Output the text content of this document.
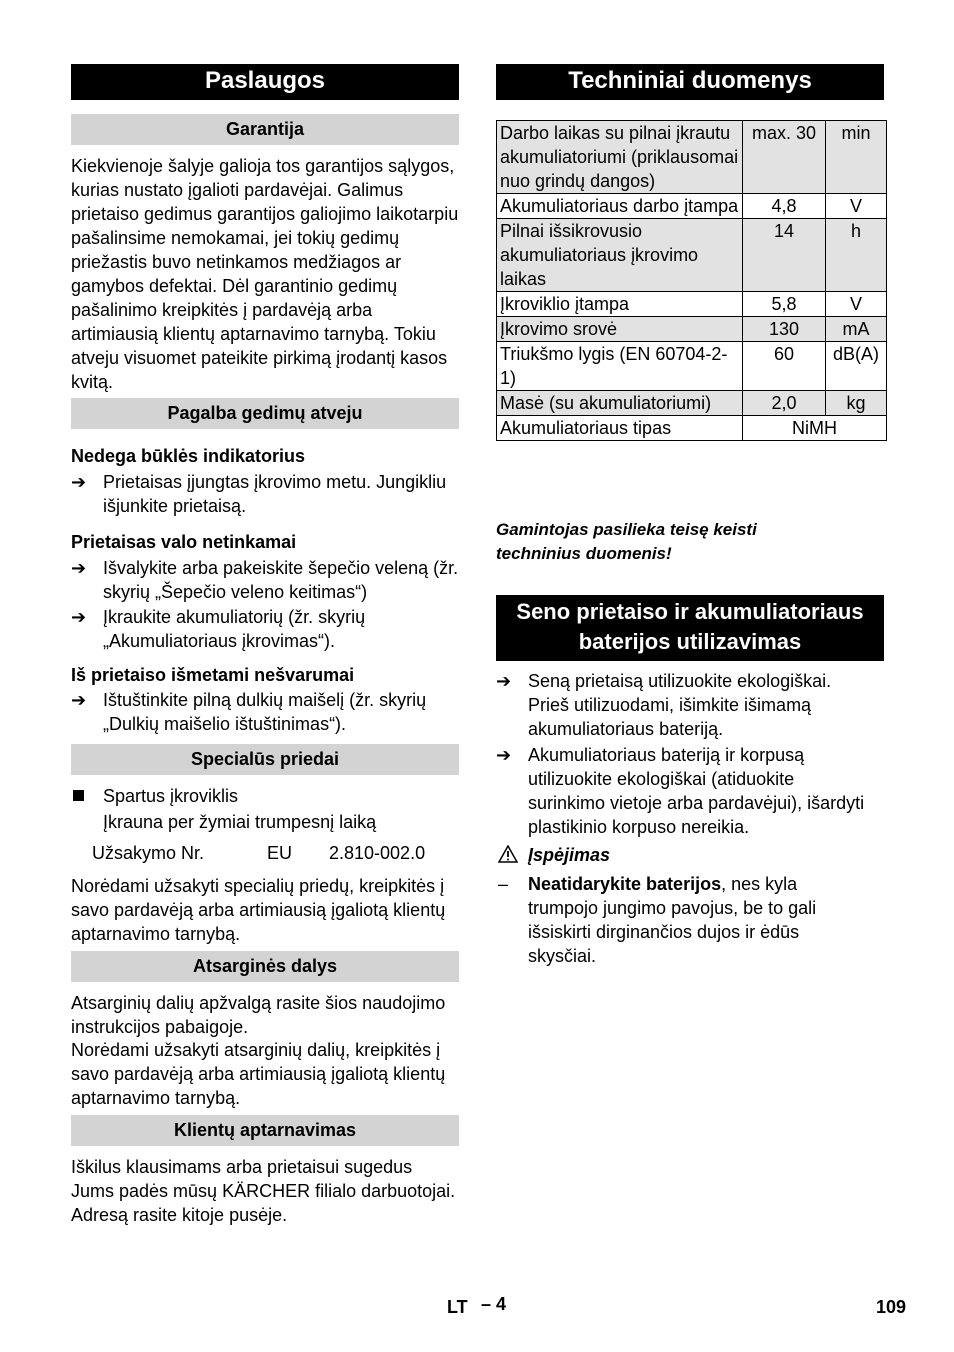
Paslaugos
Garantija
Kiekvienoje šalyje galioja tos garantijos sąlygos, kurias nustato įgalioti pardavėjai. Galimus prietaiso gedimus garantijos galiojimo laikotarpiu pašalinsime nemokamai, jei tokių gedimų priežastis buvo netinkamos medžiagos ar gamybos defektai. Dėl garantinio gedimų pašalinimo kreipkitės į pardavėją arba artimiausią klientų aptarnavimo tarnybą. Tokiu atveju visuomet pateikite pirkimą įrodantį kasos kvitą.
Pagalba gedimų atveju
Nedega būklės indikatorius
➔ Prietaisas įjungtas įkrovimo metu. Jungikliu išjunkite prietaisą.
Prietaisas valo netinkamai
➔ Išvalykite arba pakeiskite šepečio veleną (žr. skyrių „Šepečio veleno keitimas“)
➔ Įkraukite akumuliatorių (žr. skyrių „Akumuliatoriaus įkrovimas“).
Iš prietaiso išmetami nešvarumai
➔ Ištuštinkite pilną dulkių maišelį (žr. skyrių „Dulkių maišelio ištuštinimas“).
Specialūs priedai
Spartus įkroviklis
Įkrauna per žymiai trumpesnį laiką
Užsakymo Nr.	EU 2.810-002.0
Norėdami užsakyti specialių priedų, kreipkitės į savo pardavėją arba artimiausią įgaliotą klientų aptarnavimo tarnybą.
Atsarginės dalys
Atsarginių dalių apžvalgą rasite šios naudojimo instrukcijos pabaigoje.
Norėdami užsakyti atsarginių dalių, kreipkitės į savo pardavėją arba artimiausią įgaliotą klientų aptarnavimo tarnybą.
Klientų aptarnavimas
Iškilus klausimams arba prietaisui sugedus Jums padės mūsų KÄRCHER filialo darbuotojai. Adresą rasite kitoje pusėje.
Techniniai duomenys
Darbo laikas su pilnai įkrautu akumuliatoriumi (priklausomai nuo grindų dangos)	max. 30	min
Akumuliatoriaus darbo įtampa	4,8	V
Pilnai išsikrovusio akumuliatoriaus įkrovimo laikas	14	h
Įkroviklio įtampa	5,8	V
Įkrovimo srovė	130	mA
Triukšmo lygis (EN 60704-2-1)	60	dB(A)
Masė (su akumuliatoriumi)	2,0	kg
Akumuliatoriaus tipas	NiMH	
Gamintojas pasilieka teisę keisti techninius duomenis!
Seno prietaiso ir akumuliatoriaus baterijos utilizavimas
➔ Seną prietaisą utilizuokite ekologiškai. Prieš utilizuodami, išimkite išimamą akumuliatoriaus bateriją.
➔ Akumuliatoriaus bateriją ir korpusą utilizuokite ekologiškai (atiduokite surinkimo vietoje arba pardavėjui), išardyti plastikinio korpuso nereikia.
Įspėjimas
– Neatidarykite baterijos, nes kyla trumpojo jungimo pavojus, be to gali išsiskirti dirginančios dujos ir ėdūs skysčiai.
LT – 4	109
